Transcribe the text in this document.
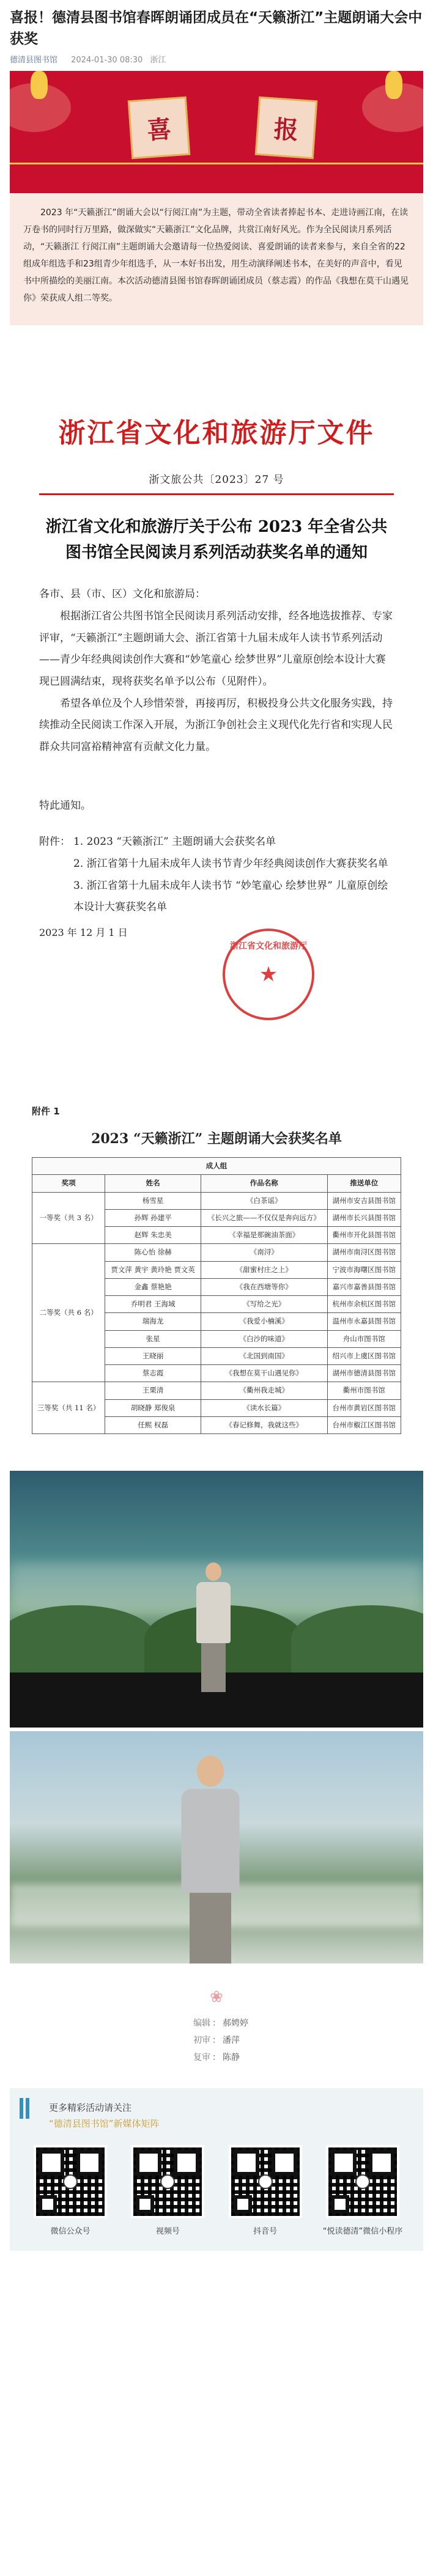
喜报！德清县图书馆春晖朗诵团成员在“天籁浙江”主题朗诵大会中获奖
德清县图书馆 2024-01-30 08:30 浙江
喜	报
2023 年“天籁浙江”朗诵大会以“行阅江南”为主题，带动全省读者捧起书本、走进诗画江南，在读万卷书的同时行万里路，做深做实“天籁浙江”文化品牌，共赏江南好风光。作为全民阅读月系列活动，“天籁浙江 行阅江南”主题朗诵大会邀请每一位热爱阅读、喜爱朗诵的读者来参与，来自全省的22组成年组选手和23组青少年组选手，从一本好书出发，用生动演绎阐述书本，在美好的声音中，看见书中所描绘的美丽江南。本次活动德清县图书馆春晖朗诵团成员（蔡志霞）的作品《我想在莫干山遇见你》荣获成人组二等奖。
浙江省文化和旅游厅文件
浙文旅公共〔2023〕27 号
浙江省文化和旅游厅关于公布 2023 年全省公共图书馆全民阅读月系列活动获奖名单的通知

各市、县（市、区）文化和旅游局：

根据浙江省公共图书馆全民阅读月系列活动安排，经各地选拔推荐、专家评审，“天籁浙江”主题朗诵大会、浙江省第十九届未成年人读书节系列活动——青少年经典阅读创作大赛和“妙笔童心 绘梦世界”儿童原创绘本设计大赛现已圆满结束，现将获奖名单予以公布（见附件）。

希望各单位及个人珍惜荣誉，再接再厉，积极投身公共文化服务实践，持续推动全民阅读工作深入开展，为浙江争创社会主义现代化先行省和实现人民群众共同富裕精神富有贡献文化力量。

特此通知。
附件： 1. 2023 “天籁浙江” 主题朗诵大会获奖名单
2. 浙江省第十九届未成年人读书节青少年经典阅读创作大赛获奖名单
3. 浙江省第十九届未成年人读书节 “妙笔童心 绘梦世界” 儿童原创绘本设计大赛获奖名单
浙江省文化和旅游厅
★
2023 年 12 月 1 日
附件 1
2023 “天籁浙江” 主题朗诵大会获奖名单
成人组			
奖项	姓名	作品名称	推送单位
一等奖（共 3 名）	杨雪星	《白茶谣》	湖州市安吉县图书馆
	孙辉 孙建平	《长兴之旅——不仅仅是奔向远方》	湖州市长兴县图书馆
	赵辉 朱忠美	《幸福是那碗油茶面》	衢州市开化县图书馆
二等奖（共 6 名）	陈心怡 徐赫	《南浔》	湖州市南浔区图书馆
	贾文萍 黄宇 黄玲艳 贾文英	《甜蜜村庄之上》	宁波市海曙区图书馆
	金鑫 蔡艳艳	《我在西塘等你》	嘉兴市嘉善县图书馆
	乔明君 王海域	《写给之光》	杭州市余杭区图书馆
	瑞海龙	《我爱小楠溪》	温州市永嘉县图书馆
	张星	《白沙的味道》	舟山市图书馆
	王晓丽	《北国到南国》	绍兴市上虞区图书馆
	蔡志霞	《我想在莫干山遇见你》	湖州市德清县图书馆
三等奖（共 11 名）	王栗清	《衢州我走城》	衢州市图书馆
	胡晓静 郑俊泉	《读水长篇》	台州市黄岩区图书馆
	任熙 权磊	《春记修舞，我就这些》	台州市椒江区图书馆
❀
编辑 ： 郝娉婷
初审 ： 潘萍
复审 ： 陈静
更多精彩活动请关注
“德清县图书馆”新媒体矩阵
微信公众号	视频号	抖音号	“悦读德清”微信小程序
